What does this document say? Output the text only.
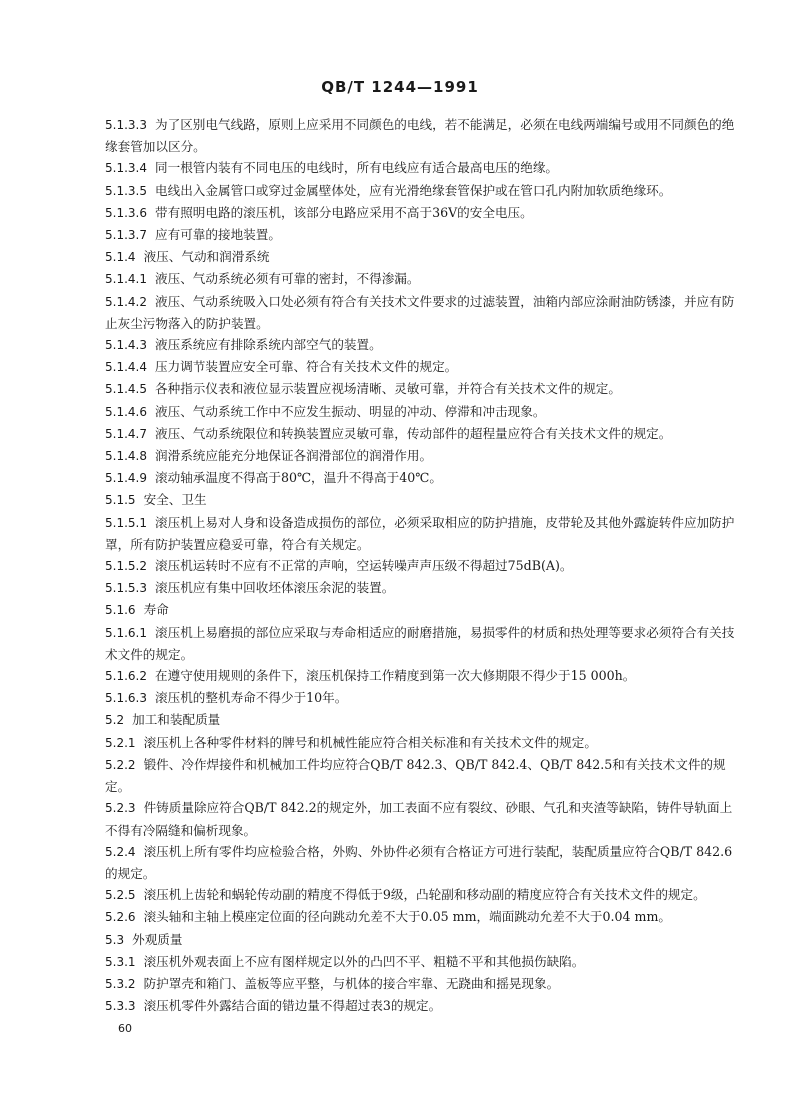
QB/T 1244—1991

5.1.3.3 为了区别电气线路，原则上应采用不同颜色的电线，若不能满足，必须在电线两端编号或用不同颜色的绝缘套管加以区分。

5.1.3.4 同一根管内装有不同电压的电线时，所有电线应有适合最高电压的绝缘。

5.1.3.5 电线出入金属管口或穿过金属壁体处，应有光滑绝缘套管保护或在管口孔内附加软质绝缘环。

5.1.3.6 带有照明电路的滚压机，该部分电路应采用不高于36V的安全电压。

5.1.3.7 应有可靠的接地装置。

5.1.4 液压、气动和润滑系统

5.1.4.1 液压、气动系统必须有可靠的密封，不得渗漏。

5.1.4.2 液压、气动系统吸入口处必须有符合有关技术文件要求的过滤装置，油箱内部应涂耐油防锈漆，并应有防止灰尘污物落入的防护装置。

5.1.4.3 液压系统应有排除系统内部空气的装置。

5.1.4.4 压力调节装置应安全可靠、符合有关技术文件的规定。

5.1.4.5 各种指示仪表和液位显示装置应视场清晰、灵敏可靠，并符合有关技术文件的规定。

5.1.4.6 液压、气动系统工作中不应发生振动、明显的冲动、停滞和冲击现象。

5.1.4.7 液压、气动系统限位和转换装置应灵敏可靠，传动部件的超程量应符合有关技术文件的规定。

5.1.4.8 润滑系统应能充分地保证各润滑部位的润滑作用。

5.1.4.9 滚动轴承温度不得高于80℃，温升不得高于40℃。

5.1.5 安全、卫生

5.1.5.1 滚压机上易对人身和设备造成损伤的部位，必须采取相应的防护措施，皮带轮及其他外露旋转件应加防护罩，所有防护装置应稳妥可靠，符合有关规定。

5.1.5.2 滚压机运转时不应有不正常的声响，空运转噪声声压级不得超过75dB(A)。

5.1.5.3 滚压机应有集中回收坯体滚压余泥的装置。

5.1.6 寿命

5.1.6.1 滚压机上易磨损的部位应采取与寿命相适应的耐磨措施，易损零件的材质和热处理等要求必须符合有关技术文件的规定。

5.1.6.2 在遵守使用规则的条件下，滚压机保持工作精度到第一次大修期限不得少于15 000h。

5.1.6.3 滚压机的整机寿命不得少于10年。

5.2 加工和装配质量

5.2.1 滚压机上各种零件材料的牌号和机械性能应符合相关标准和有关技术文件的规定。

5.2.2 锻件、冷作焊接件和机械加工件均应符合QB/T 842.3、QB/T 842.4、QB/T 842.5和有关技术文件的规定。

5.2.3 件铸质量除应符合QB/T 842.2的规定外，加工表面不应有裂纹、砂眼、气孔和夹渣等缺陷，铸件导轨面上不得有冷隔缝和偏析现象。

5.2.4 滚压机上所有零件均应检验合格，外购、外协件必须有合格证方可进行装配，装配质量应符合QB/T 842.6的规定。

5.2.5 滚压机上齿轮和蜗轮传动副的精度不得低于9级，凸轮副和移动副的精度应符合有关技术文件的规定。

5.2.6 滚头轴和主轴上模座定位面的径向跳动允差不大于0.05 mm，端面跳动允差不大于0.04 mm。

5.3 外观质量

5.3.1 滚压机外观表面上不应有图样规定以外的凸凹不平、粗糙不平和其他损伤缺陷。

5.3.2 防护罩壳和箱门、盖板等应平整，与机体的接合牢靠、无跷曲和摇晃现象。

5.3.3 滚压机零件外露结合面的错边量不得超过表3的规定。

60
